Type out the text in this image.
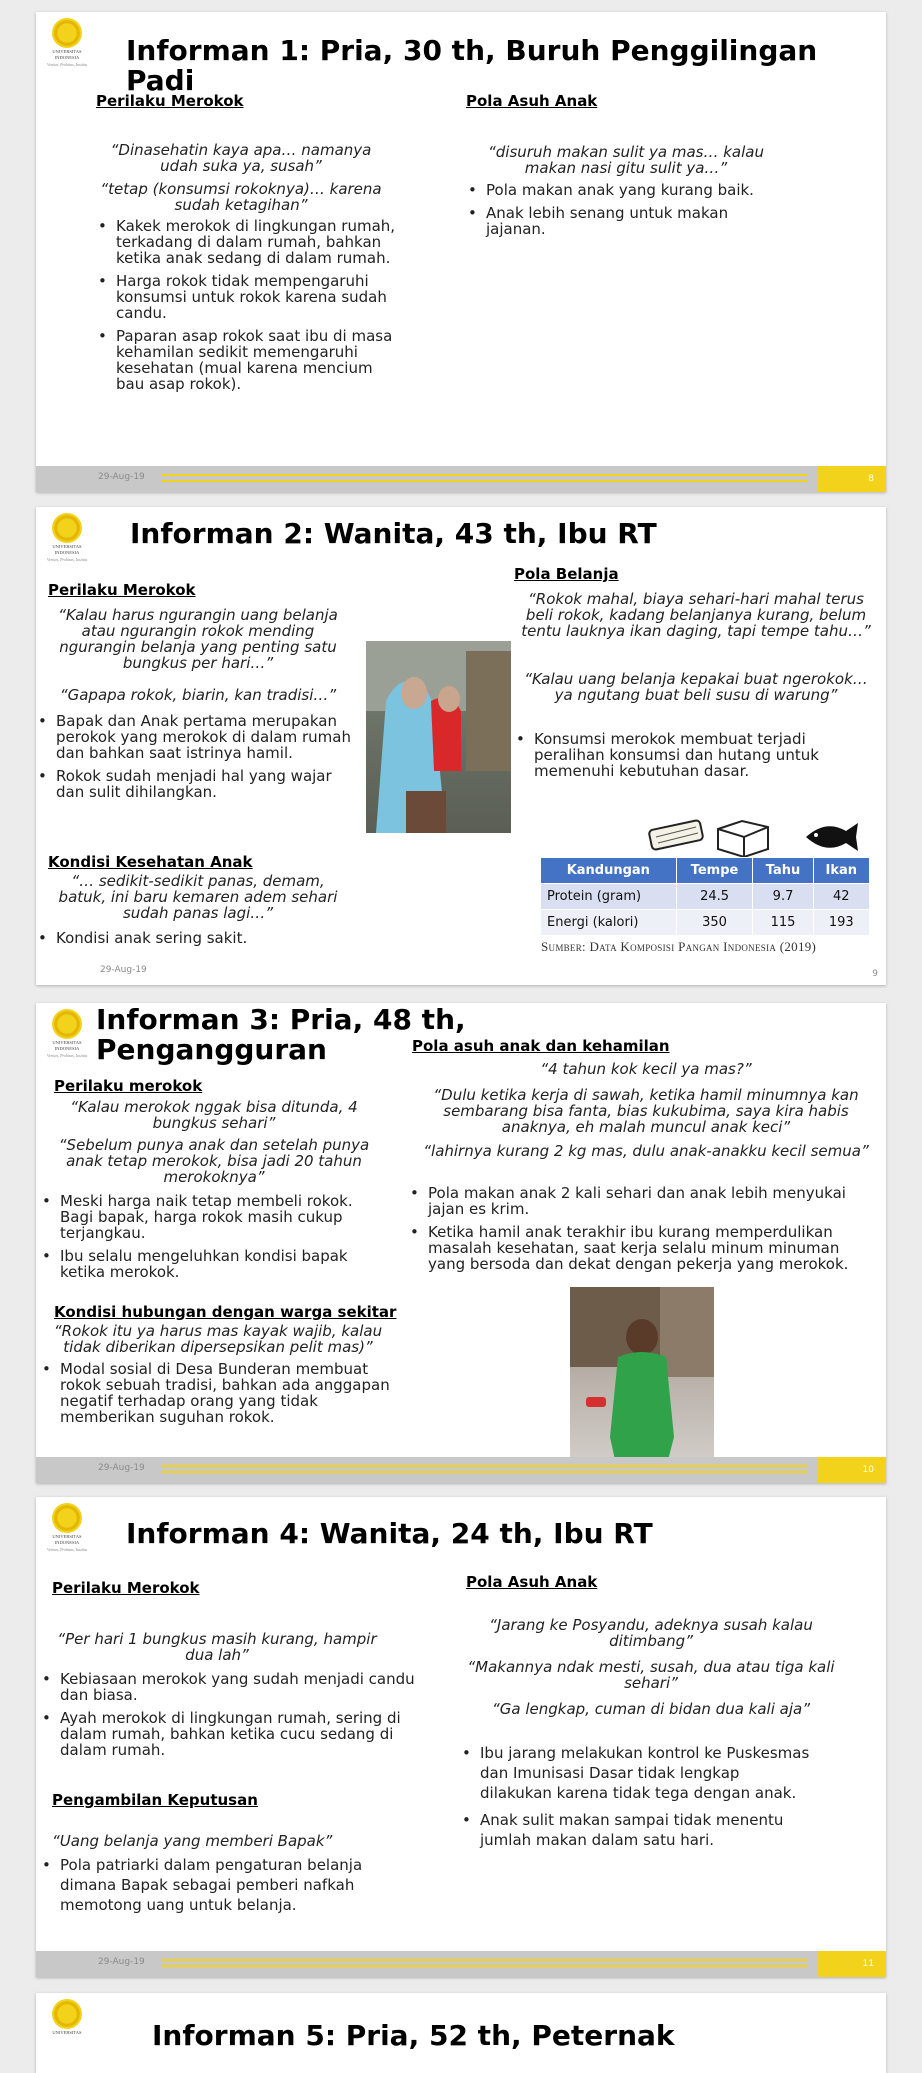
UNIVERSITAS
INDONESIA
Veritas, Probitas, Iustitia Informan 1: Pria, 30 th, Buruh Penggilingan Padi
Perilaku Merokok
“Dinasehatin kaya apa… namanya udah suka ya, susah”
“tetap (konsumsi rokoknya)… karena sudah ketagihan”
• Kakek merokok di lingkungan rumah, terkadang di dalam rumah, bahkan ketika anak sedang di dalam rumah.
• Harga rokok tidak mempengaruhi konsumsi untuk rokok karena sudah candu.
• Paparan asap rokok saat ibu di masa kehamilan sedikit memengaruhi kesehatan (mual karena mencium bau asap rokok).
Pola Asuh Anak
“disuruh makan sulit ya mas… kalau makan nasi gitu sulit ya…”
• Pola makan anak yang kurang baik.
• Anak lebih senang untuk makan jajanan.
29-Aug-19	8
UNIVERSITAS
INDONESIA
Veritas, Probitas, Iustitia
Informan 2: Wanita, 43 th, Ibu RT
Perilaku Merokok
“Kalau harus ngurangin uang belanja atau ngurangin rokok mending ngurangin belanja yang penting satu bungkus per hari…”
“Gapapa rokok, biarin, kan tradisi…”
• Bapak dan Anak pertama merupakan perokok yang merokok di dalam rumah dan bahkan saat istrinya hamil.
• Rokok sudah menjadi hal yang wajar dan sulit dihilangkan.
Kondisi Kesehatan Anak
“… sedikit-sedikit panas, demam, batuk, ini baru kemaren adem sehari sudah panas lagi…”
• Kondisi anak sering sakit.
Pola Belanja
“Rokok mahal, biaya sehari-hari mahal terus beli rokok, kadang belanjanya kurang, belum tentu lauknya ikan daging, tapi tempe tahu…”
“Kalau uang belanja kepakai buat ngerokok… ya ngutang buat beli susu di warung”
• Konsumsi merokok membuat terjadi peralihan konsumsi dan hutang untuk memenuhi kebutuhan dasar.
Kandungan	Tempe	Tahu	Ikan
Protein (gram)	24.5	9.7	42
Energi (kalori)	350	115	193
Sumber: Data Komposisi Pangan Indonesia (2019)
29-Aug-19	9
UNIVERSITAS
INDONESIA
Veritas, Probitas, Iustitia
Informan 3: Pria, 48 th,
Pengangguran
Perilaku merokok
“Kalau merokok nggak bisa ditunda, 4 bungkus sehari”
“Sebelum punya anak dan setelah punya anak tetap merokok, bisa jadi 20 tahun merokoknya”
• Meski harga naik tetap membeli rokok. Bagi bapak, harga rokok masih cukup terjangkau.
• Ibu selalu mengeluhkan kondisi bapak ketika merokok.
Kondisi hubungan dengan warga sekitar
“Rokok itu ya harus mas kayak wajib, kalau tidak diberikan dipersepsikan pelit mas)”
• Modal sosial di Desa Bunderan membuat rokok sebuah tradisi, bahkan ada anggapan negatif terhadap orang yang tidak memberikan suguhan rokok.
Pola asuh anak dan kehamilan
“4 tahun kok kecil ya mas?”
“Dulu ketika kerja di sawah, ketika hamil minumnya kan sembarang bisa fanta, bias kukubima, saya kira habis anaknya, eh malah muncul anak keci”
“lahirnya kurang 2 kg mas, dulu anak-anakku kecil semua”
• Pola makan anak 2 kali sehari dan anak lebih menyukai jajan es krim.
• Ketika hamil anak terakhir ibu kurang memperdulikan masalah kesehatan, saat kerja selalu minum minuman yang bersoda dan dekat dengan pekerja yang merokok.
29-Aug-19	10
UNIVERSITAS
INDONESIA
Veritas, Probitas, Iustitia Informan 4: Wanita, 24 th, Ibu RT
Perilaku Merokok
“Per hari 1 bungkus masih kurang, hampir dua lah”
• Kebiasaan merokok yang sudah menjadi candu dan biasa.
• Ayah merokok di lingkungan rumah, sering di dalam rumah, bahkan ketika cucu sedang di dalam rumah.
Pengambilan Keputusan
“Uang belanja yang memberi Bapak”
• Pola patriarki dalam pengaturan belanja dimana Bapak sebagai pemberi nafkah memotong uang untuk belanja.
Pola Asuh Anak
“Jarang ke Posyandu, adeknya susah kalau ditimbang”
“Makannya ndak mesti, susah, dua atau tiga kali sehari”
“Ga lengkap, cuman di bidan dua kali aja”
• Ibu jarang melakukan kontrol ke Puskesmas dan Imunisasi Dasar tidak lengkap dilakukan karena tidak tega dengan anak.
• Anak sulit makan sampai tidak menentu jumlah makan dalam satu hari.
29-Aug-19	11
UNIVERSITAS	Informan 5: Pria, 52 th, Peternak
